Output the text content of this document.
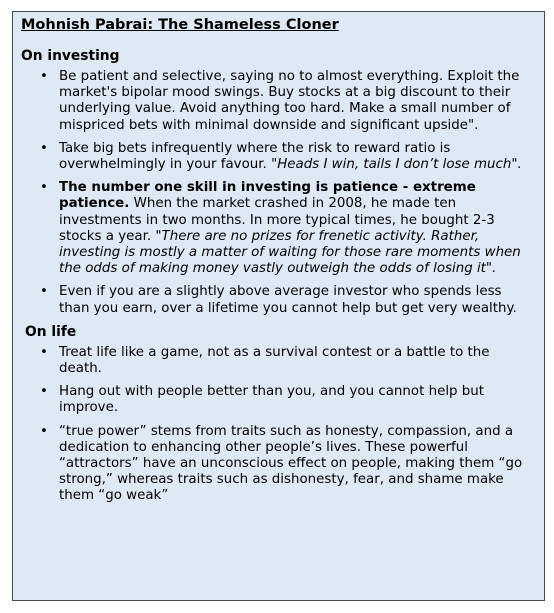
Mohnish Pabrai: The Shameless Cloner
On investing
• Be patient and selective, saying no to almost everything. Exploit the market's bipolar mood swings. Buy stocks at a big discount to their underlying value. Avoid anything too hard. Make a small number of mispriced bets with minimal downside and significant upside".
• Take big bets infrequently where the risk to reward ratio is overwhelmingly in your favour. "Heads I win, tails I don’t lose much".
• The number one skill in investing is patience - extreme patience. When the market crashed in 2008, he made ten investments in two months. In more typical times, he bought 2-3 stocks a year. "There are no prizes for frenetic activity. Rather, investing is mostly a matter of waiting for those rare moments when the odds of making money vastly outweigh the odds of losing it".
• Even if you are a slightly above average investor who spends less than you earn, over a lifetime you cannot help but get very wealthy.
On life
• Treat life like a game, not as a survival contest or a battle to the death.
• Hang out with people better than you, and you cannot help but improve.
• “true power” stems from traits such as honesty, compassion, and a dedication to enhancing other people’s lives. These powerful “attractors” have an unconscious effect on people, making them “go strong,” whereas traits such as dishonesty, fear, and shame make them “go weak”
